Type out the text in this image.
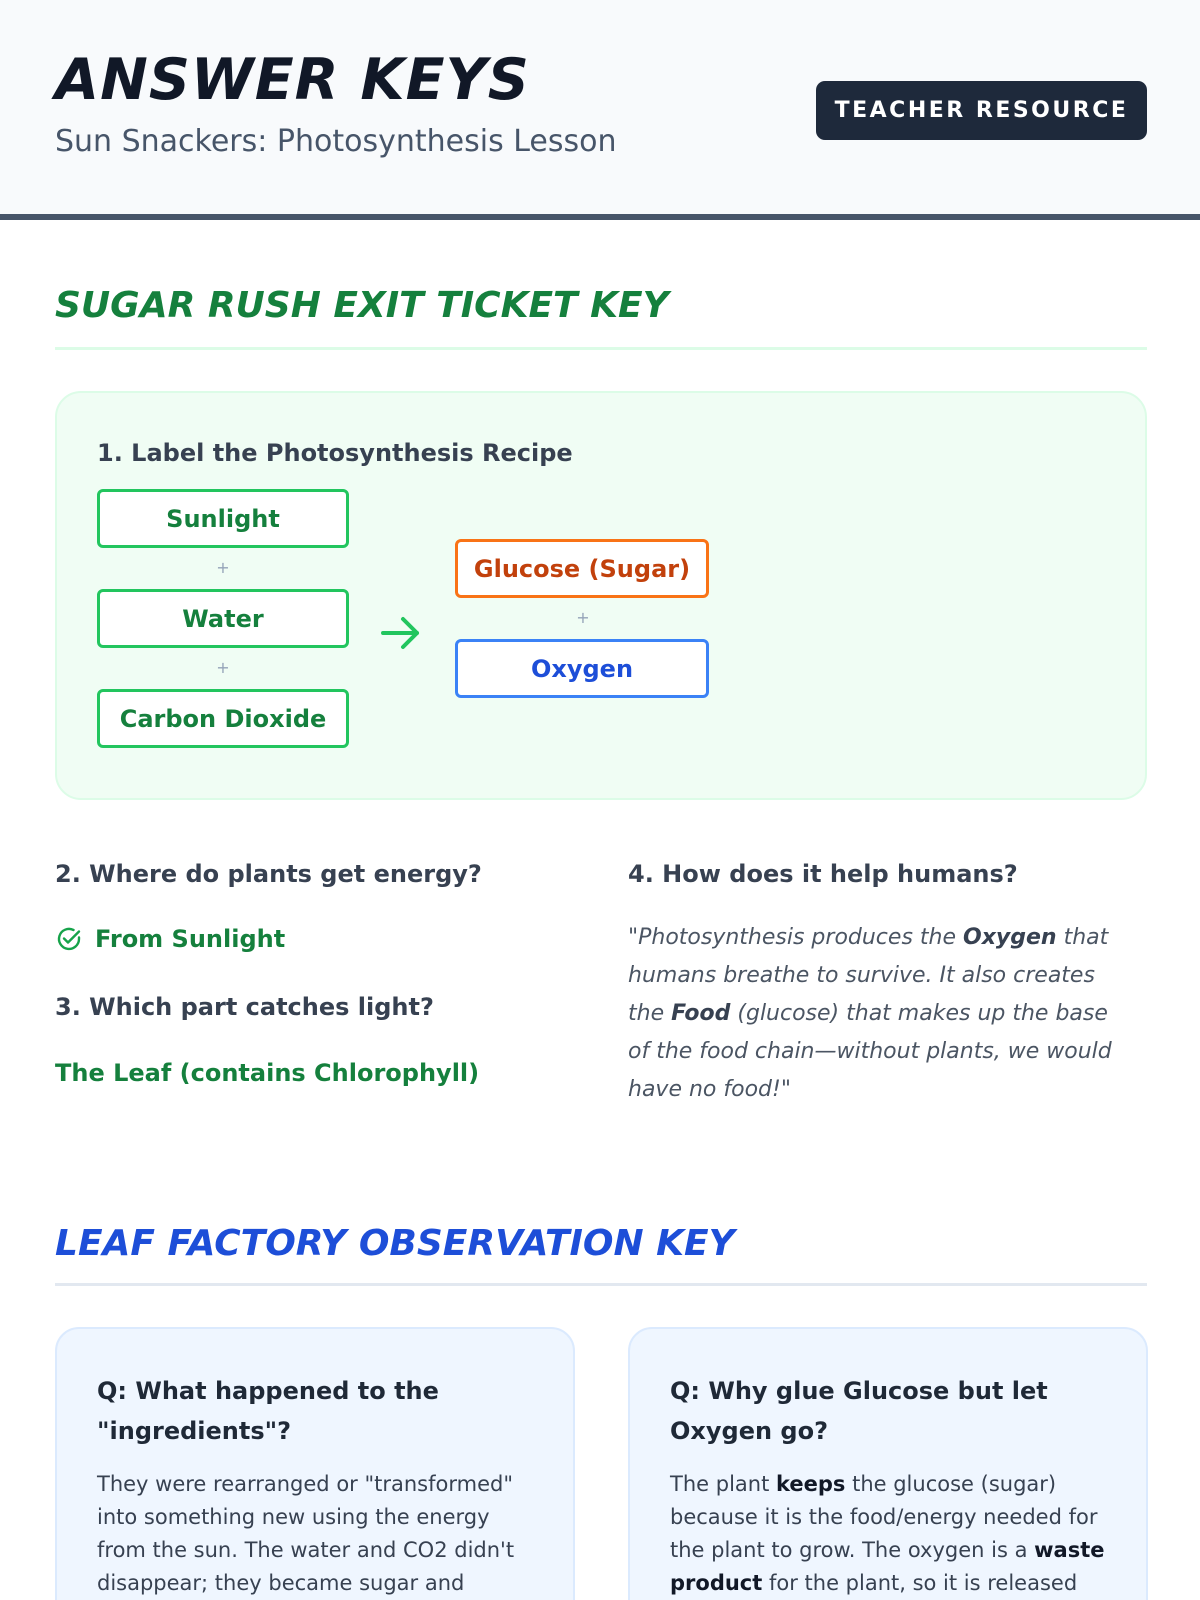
ANSWER KEYS
Sun Snackers: Photosynthesis Lesson
TEACHER RESOURCE
SUGAR RUSH EXIT TICKET KEY
1. Label the Photosynthesis Recipe
Sunlight
+
Water
+
Carbon Dioxide
Glucose (Sugar)
+
Oxygen
2. Where do plants get energy?
From Sunlight
3. Which part catches light?
The Leaf (contains Chlorophyll)
4. How does it help humans?
"Photosynthesis produces the Oxygen that humans breathe to survive. It also creates the Food (glucose) that makes up the base of the food chain—without plants, we would have no food!"
LEAF FACTORY OBSERVATION KEY
Q: What happened to the "ingredients"?
They were rearranged or "transformed" into something new using the energy from the sun. The water and CO2 didn't disappear; they became sugar and
Q: Why glue Glucose but let Oxygen go?
The plant keeps the glucose (sugar) because it is the food/energy needed for the plant to grow. The oxygen is a waste product for the plant, so it is released
